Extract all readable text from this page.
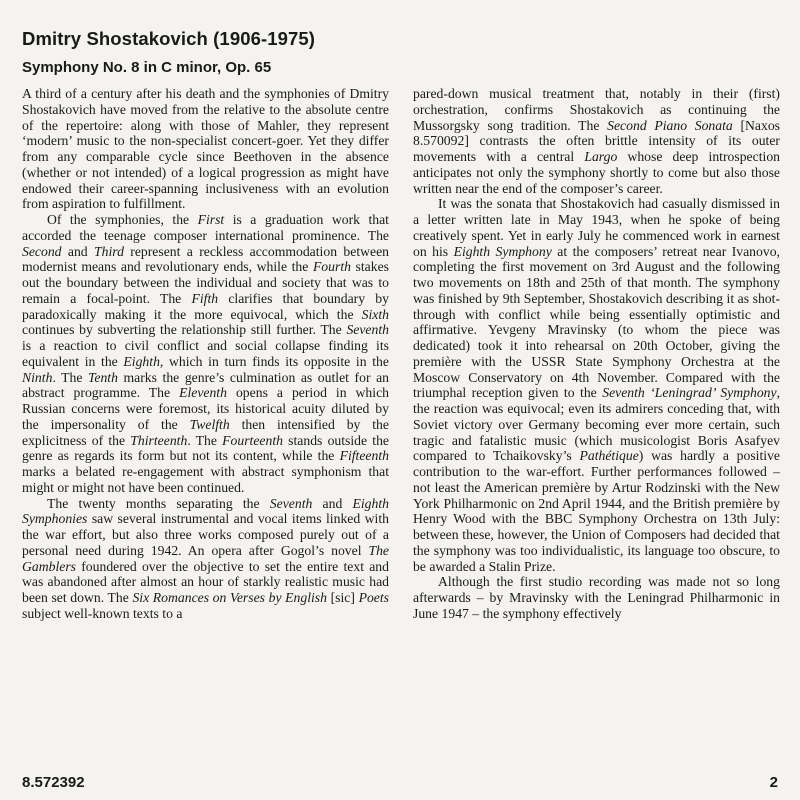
Dmitry Shostakovich (1906-1975)
Symphony No. 8 in C minor, Op. 65

A third of a century after his death and the symphonies of Dmitry Shostakovich have moved from the relative to the absolute centre of the repertoire: along with those of Mahler, they represent ‘modern’ music to the non-specialist concert-goer. Yet they differ from any comparable cycle since Beethoven in the absence (whether or not intended) of a logical progression as might have endowed their career-spanning inclusiveness with an evolution from aspiration to fulfillment.

Of the symphonies, the First is a graduation work that accorded the teenage composer international prominence. The Second and Third represent a reckless accommodation between modernist means and revolutionary ends, while the Fourth stakes out the boundary between the individual and society that was to remain a focal-point. The Fifth clarifies that boundary by paradoxically making it the more equivocal, which the Sixth continues by subverting the relationship still further. The Seventh is a reaction to civil conflict and social collapse finding its equivalent in the Eighth, which in turn finds its opposite in the Ninth. The Tenth marks the genre’s culmination as outlet for an abstract programme. The Eleventh opens a period in which Russian concerns were foremost, its historical acuity diluted by the impersonality of the Twelfth then intensified by the explicitness of the Thirteenth. The Fourteenth stands outside the genre as regards its form but not its content, while the Fifteenth marks a belated re-engagement with abstract symphonism that might or might not have been continued.

The twenty months separating the Seventh and Eighth Symphonies saw several instrumental and vocal items linked with the war effort, but also three works composed purely out of a personal need during 1942. An opera after Gogol’s novel The Gamblers foundered over the objective to set the entire text and was abandoned after almost an hour of starkly realistic music had been set down. The Six Romances on Verses by English [sic] Poets subject well-known texts to a

pared-down musical treatment that, notably in their (first) orchestration, confirms Shostakovich as continuing the Mussorgsky song tradition. The Second Piano Sonata [Naxos 8.570092] contrasts the often brittle intensity of its outer movements with a central Largo whose deep introspection anticipates not only the symphony shortly to come but also those written near the end of the composer’s career.

It was the sonata that Shostakovich had casually dismissed in a letter written late in May 1943, when he spoke of being creatively spent. Yet in early July he commenced work in earnest on his Eighth Symphony at the composers’ retreat near Ivanovo, completing the first movement on 3rd August and the following two movements on 18th and 25th of that month. The symphony was finished by 9th September, Shostakovich describing it as shot-through with conflict while being essentially optimistic and affirmative. Yevgeny Mravinsky (to whom the piece was dedicated) took it into rehearsal on 20th October, giving the première with the USSR State Symphony Orchestra at the Moscow Conservatory on 4th November. Compared with the triumphal reception given to the Seventh ‘Leningrad’ Symphony, the reaction was equivocal; even its admirers conceding that, with Soviet victory over Germany becoming ever more certain, such tragic and fatalistic music (which musicologist Boris Asafyev compared to Tchaikovsky’s Pathétique) was hardly a positive contribution to the war-effort. Further performances followed – not least the American première by Artur Rodzinski with the New York Philharmonic on 2nd April 1944, and the British première by Henry Wood with the BBC Symphony Orchestra on 13th July: between these, however, the Union of Composers had decided that the symphony was too individualistic, its language too obscure, to be awarded a Stalin Prize.

Although the first studio recording was made not so long afterwards – by Mravinsky with the Leningrad Philharmonic in June 1947 – the symphony effectively

8.572392	2
